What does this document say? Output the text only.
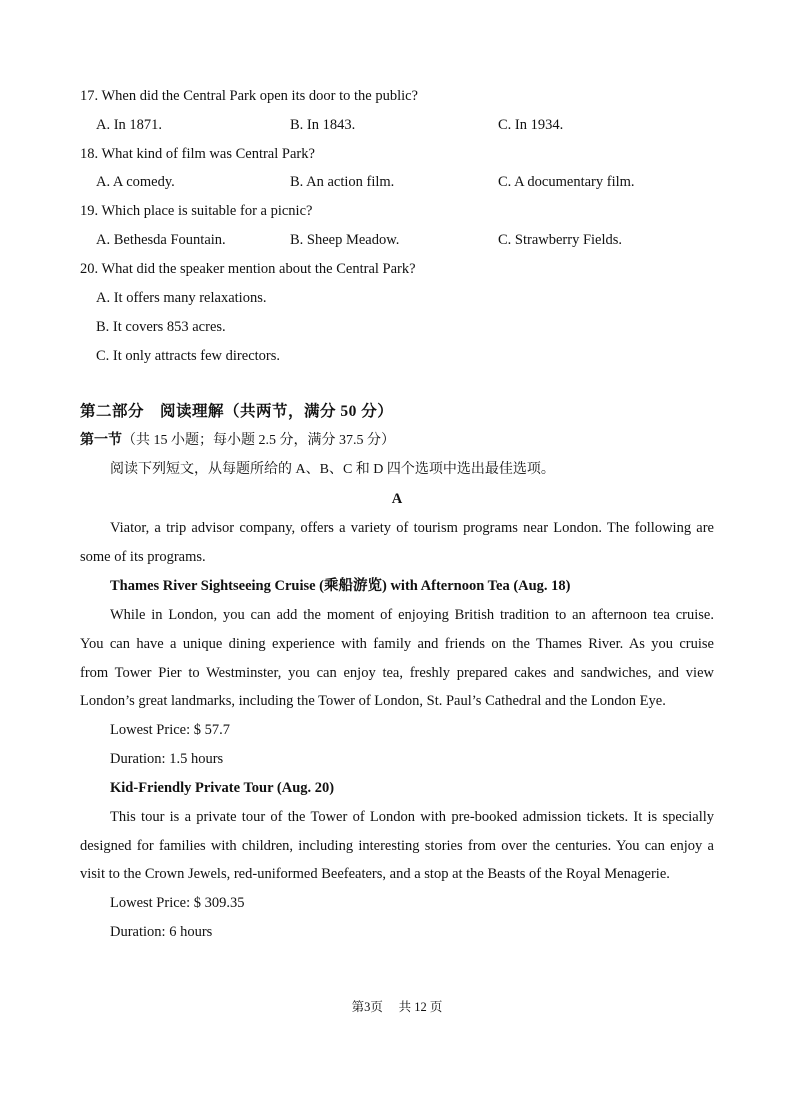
17. When did the Central Park open its door to the public?
A. In 1871.	B. In 1843.	C. In 1934.
18. What kind of film was Central Park?
A. A comedy.	B. An action film.	C. A documentary film.
19. Which place is suitable for a picnic?
A. Bethesda Fountain.	B. Sheep Meadow.	C. Strawberry Fields.
20. What did the speaker mention about the Central Park?
A. It offers many relaxations.
B. It covers 853 acres.
C. It only attracts few directors.
第二部分　阅读理解（共两节，满分 50 分）
第一节（共 15 小题；每小题 2.5 分，满分 37.5 分）
阅读下列短文，从每题所给的 A、B、C 和 D 四个选项中选出最佳选项。
A
Viator, a trip advisor company, offers a variety of tourism programs near London. The following are
some of its programs.
Thames River Sightseeing Cruise (乘船游览) with Afternoon Tea (Aug. 18)
While in London, you can add the moment of enjoying British tradition to an afternoon tea cruise.
You can have a unique dining experience with family and friends on the Thames River. As you cruise
from Tower Pier to Westminster, you can enjoy tea, freshly prepared cakes and sandwiches, and view
London’s great landmarks, including the Tower of London, St. Paul’s Cathedral and the London Eye.
Lowest Price: $ 57.7
Duration: 1.5 hours
Kid-Friendly Private Tour (Aug. 20)
This tour is a private tour of the Tower of London with pre-booked admission tickets. It is specially
designed for families with children, including interesting stories from over the centuries. You can enjoy a
visit to the Crown Jewels, red-uniformed Beefeaters, and a stop at the Beasts of the Royal Menagerie.
Lowest Price: $ 309.35
Duration: 6 hours
第3页 共 12 页
